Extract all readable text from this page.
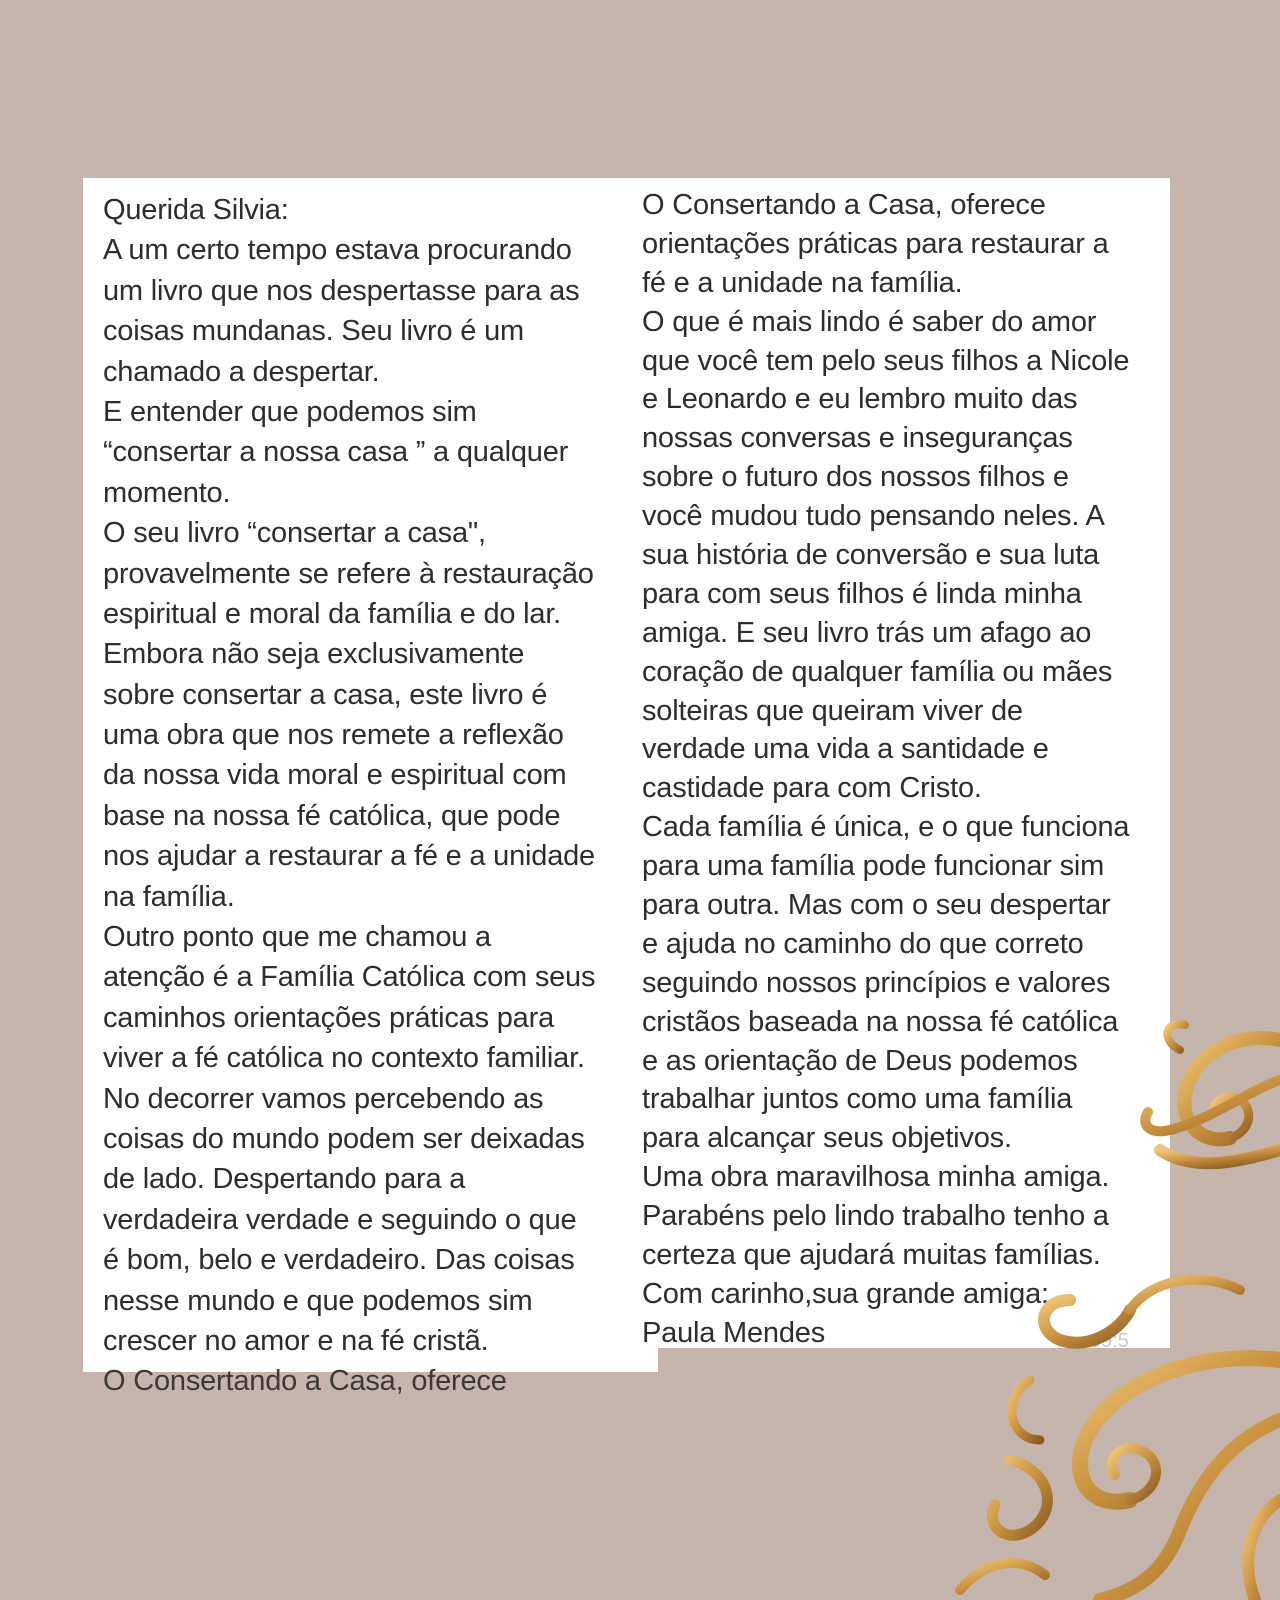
Querida Silvia:
A um certo tempo estava procurando
um livro que nos despertasse para as
coisas mundanas. Seu livro é um
chamado a despertar.
E entender que podemos sim
“consertar a nossa casa ” a qualquer
momento.
O seu livro “consertar a casa",
provavelmente se refere à restauração
espiritual e moral da família e do lar.
Embora não seja exclusivamente
sobre consertar a casa, este livro é
uma obra que nos remete a reflexão
da nossa vida moral e espiritual com
base na nossa fé católica, que pode
nos ajudar a restaurar a fé e a unidade
na família.
Outro ponto que me chamou a
atenção é a Família Católica com seus
caminhos orientações práticas para
viver a fé católica no contexto familiar.
No decorrer vamos percebendo as
coisas do mundo podem ser deixadas
de lado. Despertando para a
verdadeira verdade e seguindo o que
é bom, belo e verdadeiro. Das coisas
nesse mundo e que podemos sim
crescer no amor e na fé cristã.
O Consertando a Casa, oferece
O Consertando a Casa, oferece
orientações práticas para restaurar a
fé e a unidade na família.
O que é mais lindo é saber do amor
que você tem pelo seus filhos a Nicole
e Leonardo e eu lembro muito das
nossas conversas e inseguranças
sobre o futuro dos nossos filhos e
você mudou tudo pensando neles. A
sua história de conversão e sua luta
para com seus filhos é linda minha
amiga. E seu livro trás um afago ao
coração de qualquer família ou mães
solteiras que queiram viver de
verdade uma vida a santidade e
castidade para com Cristo.
Cada família é única, e o que funciona
para uma família pode funcionar sim
para outra. Mas com o seu despertar
e ajuda no caminho do que correto
seguindo nossos princípios e valores
cristãos baseada na nossa fé católica
e as orientação de Deus podemos
trabalhar juntos como uma família
para alcançar seus objetivos.
Uma obra maravilhosa minha amiga.
Parabéns pelo lindo trabalho tenho a
certeza que ajudará muitas famílias.
Com carinho,sua grande amiga:
Paula Mendes	09:5
